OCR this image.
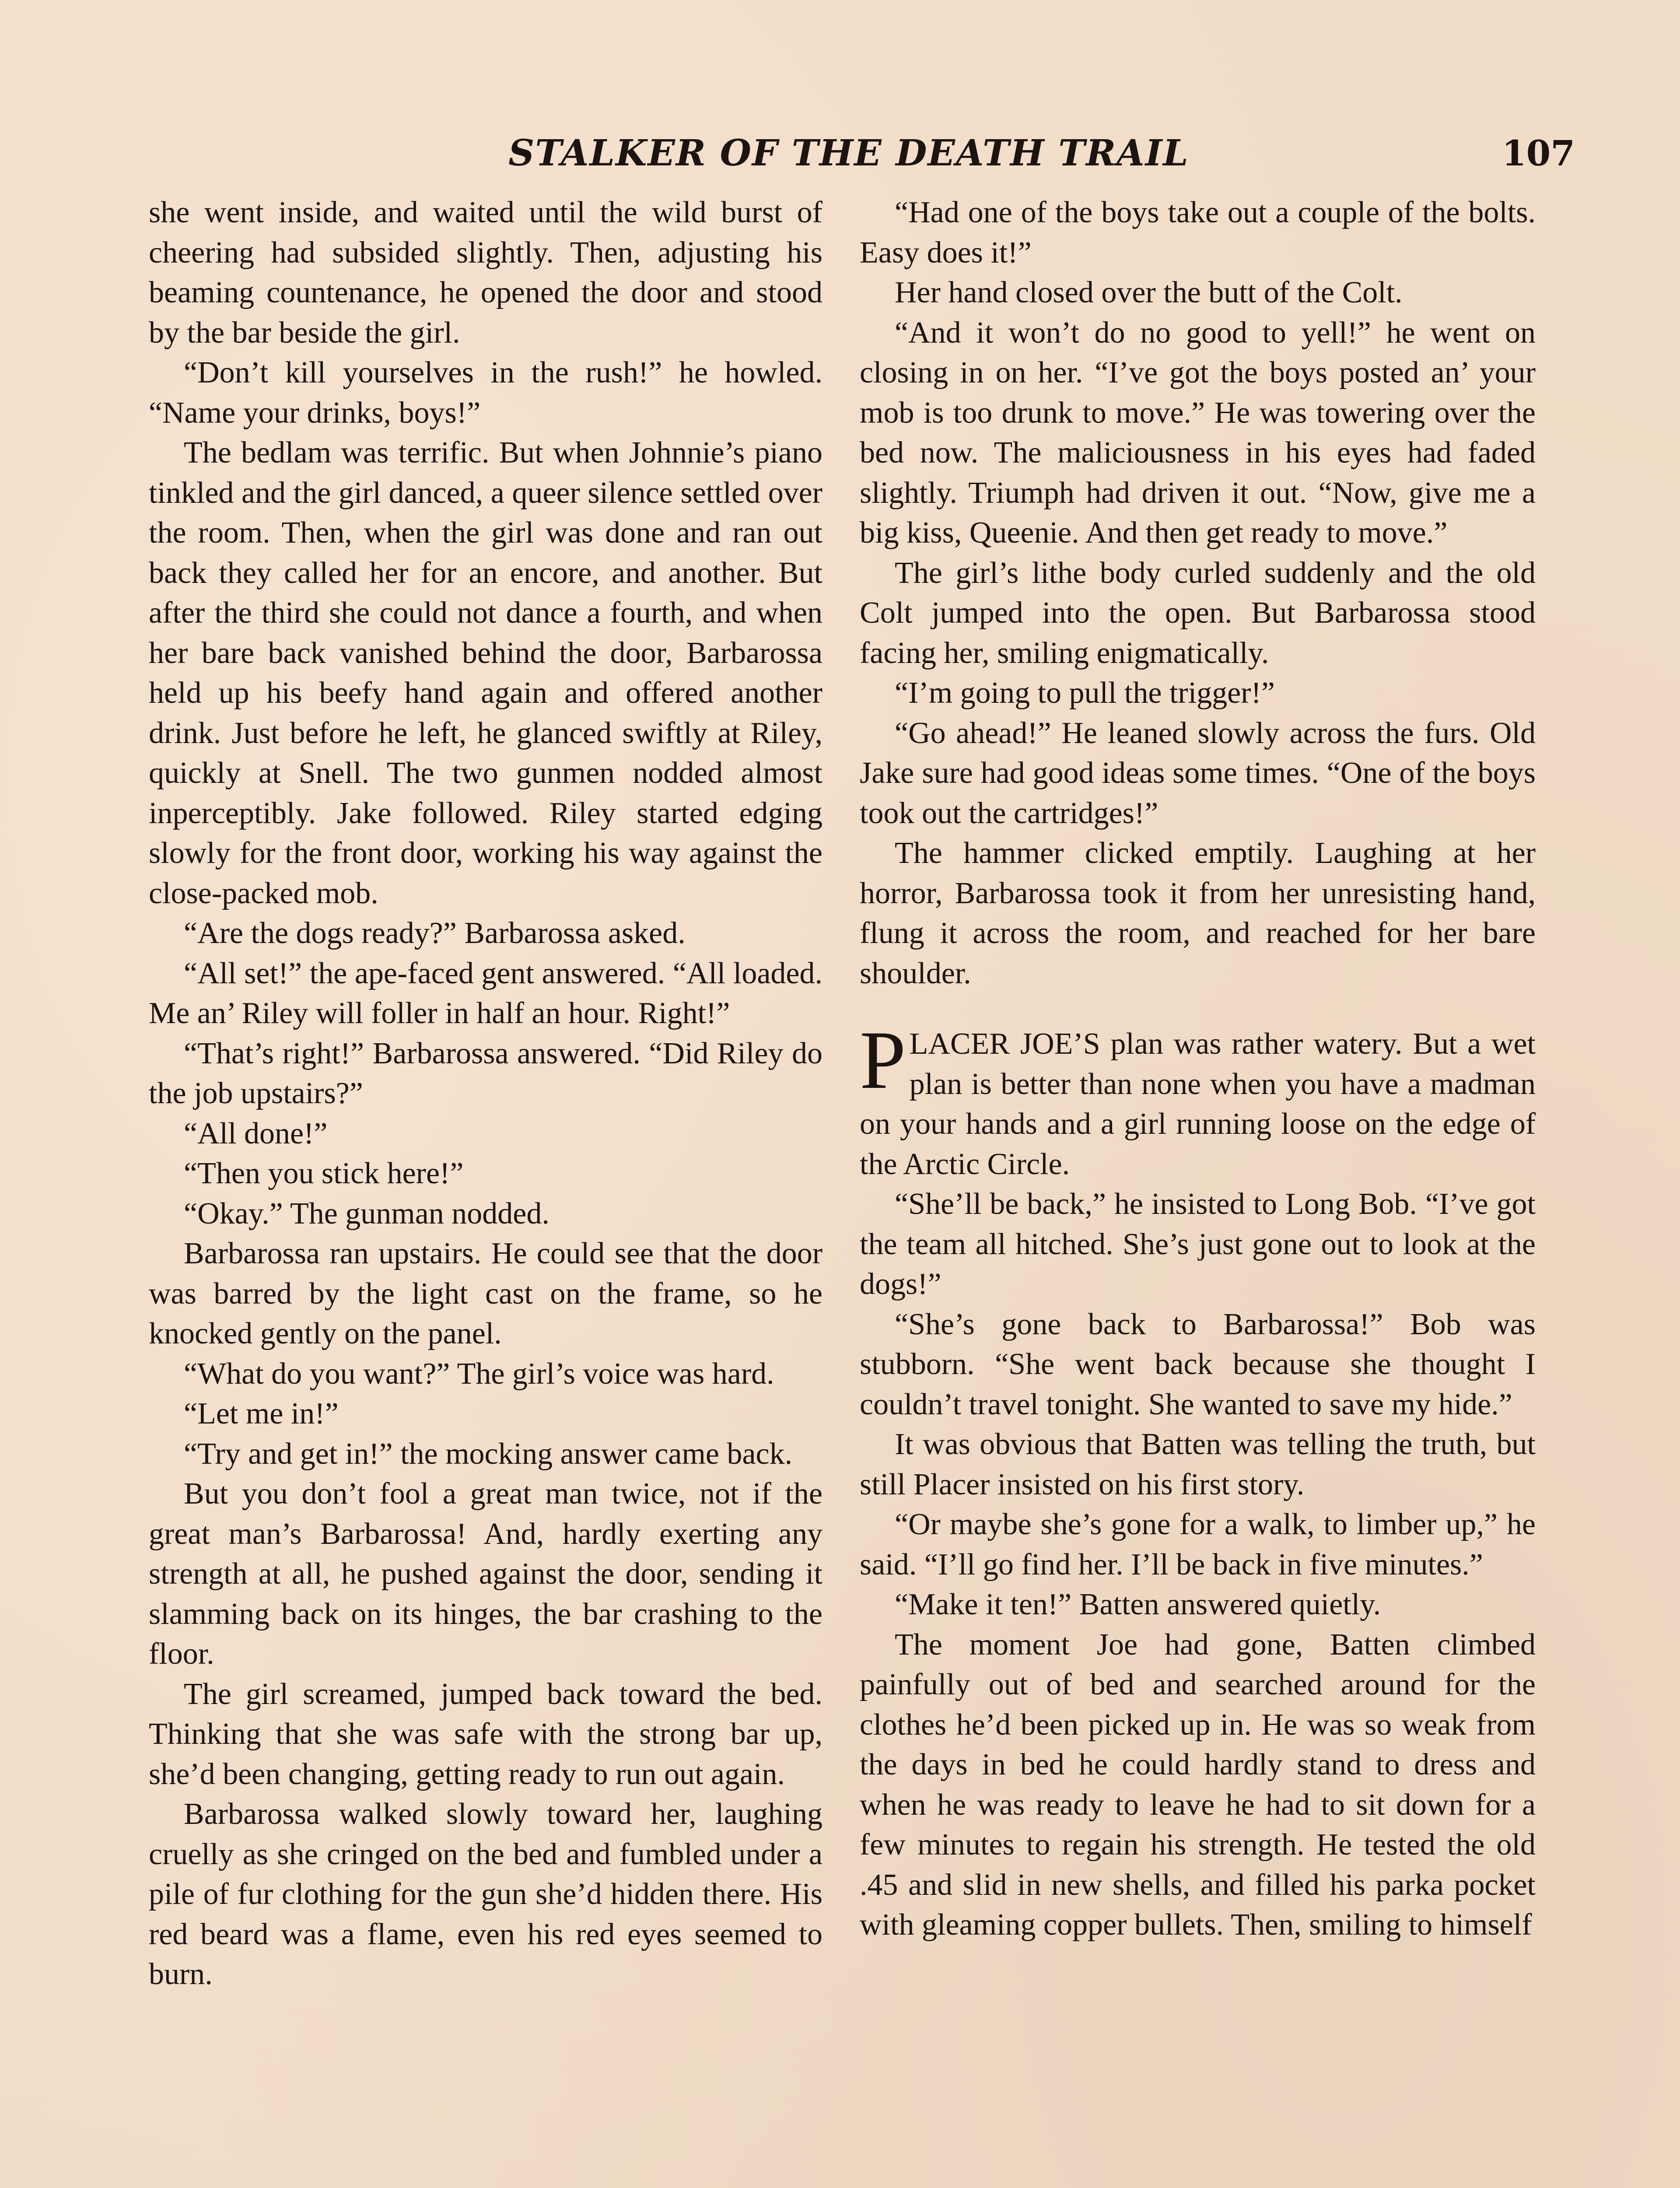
STALKER OF THE DEATH TRAIL	107

she went inside, and waited until the wild burst of cheering had subsided slightly. Then, adjusting his beaming countenance, he opened the door and stood by the bar beside the girl.

“Don’t kill yourselves in the rush!” he howled. “Name your drinks, boys!”

The bedlam was terrific. But when Johnnie’s piano tinkled and the girl danced, a queer silence settled over the room. Then, when the girl was done and ran out back they called her for an encore, and another. But after the third she could not dance a fourth, and when her bare back vanished behind the door, Barbarossa held up his beefy hand again and offered another drink. Just before he left, he glanced swiftly at Riley, quickly at Snell. The two gunmen nodded almost inperceptibly. Jake followed. Riley started edging slowly for the front door, working his way against the close-packed mob.

“Are the dogs ready?” Barbarossa asked.

“All set!” the ape-faced gent answered. “All loaded. Me an’ Riley will foller in half an hour. Right!”

“That’s right!” Barbarossa answered. “Did Riley do the job upstairs?”

“All done!”

“Then you stick here!”

“Okay.” The gunman nodded.

Barbarossa ran upstairs. He could see that the door was barred by the light cast on the frame, so he knocked gently on the panel.

“What do you want?” The girl’s voice was hard.

“Let me in!”

“Try and get in!” the mocking answer came back.

But you don’t fool a great man twice, not if the great man’s Barbarossa! And, hardly exerting any strength at all, he pushed against the door, sending it slamming back on its hinges, the bar crashing to the floor.

The girl screamed, jumped back toward the bed. Thinking that she was safe with the strong bar up, she’d been changing, getting ready to run out again.

Barbarossa walked slowly toward her, laughing cruelly as she cringed on the bed and fumbled under a pile of fur clothing for the gun she’d hidden there. His red beard was a flame, even his red eyes seemed to burn.

“Had one of the boys take out a couple of the bolts. Easy does it!”

Her hand closed over the butt of the Colt.

“And it won’t do no good to yell!” he went on closing in on her. “I’ve got the boys posted an’ your mob is too drunk to move.” He was towering over the bed now. The maliciousness in his eyes had faded slightly. Triumph had driven it out. “Now, give me a big kiss, Queenie. And then get ready to move.”

The girl’s lithe body curled suddenly and the old Colt jumped into the open. But Barbarossa stood facing her, smiling enigmatically.

“I’m going to pull the trigger!”

“Go ahead!” He leaned slowly across the furs. Old Jake sure had good ideas some times. “One of the boys took out the cartridges!”

The hammer clicked emptily. Laughing at her horror, Barbarossa took it from her unresisting hand, flung it across the room, and reached for her bare shoulder.

PLACER JOE’S plan was rather watery. But a wet plan is better than none when you have a madman on your hands and a girl running loose on the edge of the Arctic Circle.

“She’ll be back,” he insisted to Long Bob. “I’ve got the team all hitched. She’s just gone out to look at the dogs!”

“She’s gone back to Barbarossa!” Bob was stubborn. “She went back because she thought I couldn’t travel tonight. She wanted to save my hide.”

It was obvious that Batten was telling the truth, but still Placer insisted on his first story.

“Or maybe she’s gone for a walk, to limber up,” he said. “I’ll go find her. I’ll be back in five minutes.”

“Make it ten!” Batten answered quietly.

The moment Joe had gone, Batten climbed painfully out of bed and searched around for the clothes he’d been picked up in. He was so weak from the days in bed he could hardly stand to dress and when he was ready to leave he had to sit down for a few minutes to regain his strength. He tested the old .45 and slid in new shells, and filled his parka pocket with gleaming copper bullets. Then, smiling to himself
